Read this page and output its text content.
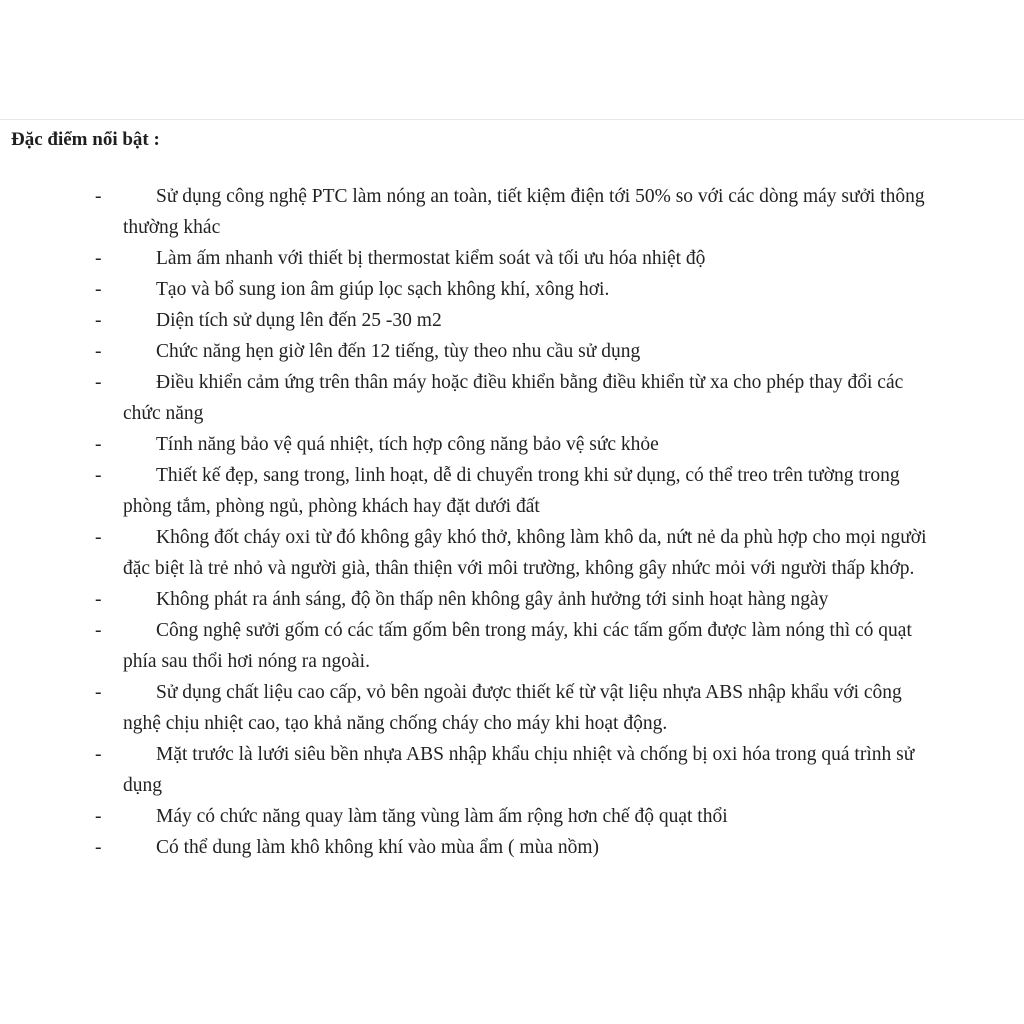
Đặc điểm nổi bật :
-	Sử dụng công nghệ PTC làm nóng an toàn, tiết kiệm điện tới 50% so với các dòng máy sưởi thông thường khác
-	Làm ấm nhanh với thiết bị thermostat kiểm soát và tối ưu hóa nhiệt độ
-	Tạo và bổ sung ion âm giúp lọc sạch không khí, xông hơi.
-	Diện tích sử dụng lên đến 25 -30 m2
-	Chức năng hẹn giờ lên đến 12 tiếng, tùy theo nhu cầu sử dụng
-	Điều khiển cảm ứng trên thân máy hoặc điều khiển bằng điều khiển từ xa cho phép thay đổi các chức năng
-	Tính năng bảo vệ quá nhiệt, tích hợp công năng bảo vệ sức khỏe
-	Thiết kế đẹp, sang trong, linh hoạt, dễ di chuyển trong khi sử dụng, có thể treo trên tường trong phòng tắm, phòng ngủ, phòng khách hay đặt dưới đất
-	Không đốt cháy oxi từ đó không gây khó thở, không làm khô da, nứt nẻ da phù hợp cho mọi người đặc biệt là trẻ nhỏ và người già, thân thiện với môi trường, không gây nhức mỏi với người thấp khớp.
-	Không phát ra ánh sáng, độ ồn thấp nên không gây ảnh hưởng tới sinh hoạt hàng ngày
-	Công nghệ sưởi gốm có các tấm gốm bên trong máy, khi các tấm gốm được làm nóng thì có quạt phía sau thổi hơi nóng ra ngoài.
-	Sử dụng chất liệu cao cấp, vỏ bên ngoài được thiết kế từ vật liệu nhựa ABS nhập khẩu với công nghệ chịu nhiệt cao, tạo khả năng chống cháy cho máy khi hoạt động.
-	Mặt trước là lưới siêu bền nhựa ABS nhập khẩu chịu nhiệt và chống bị oxi hóa trong quá trình sử dụng
-	Máy có chức năng quay làm tăng vùng làm ấm rộng hơn chế độ quạt thổi
-	Có thể dung làm khô không khí vào mùa ẩm ( mùa nồm)
